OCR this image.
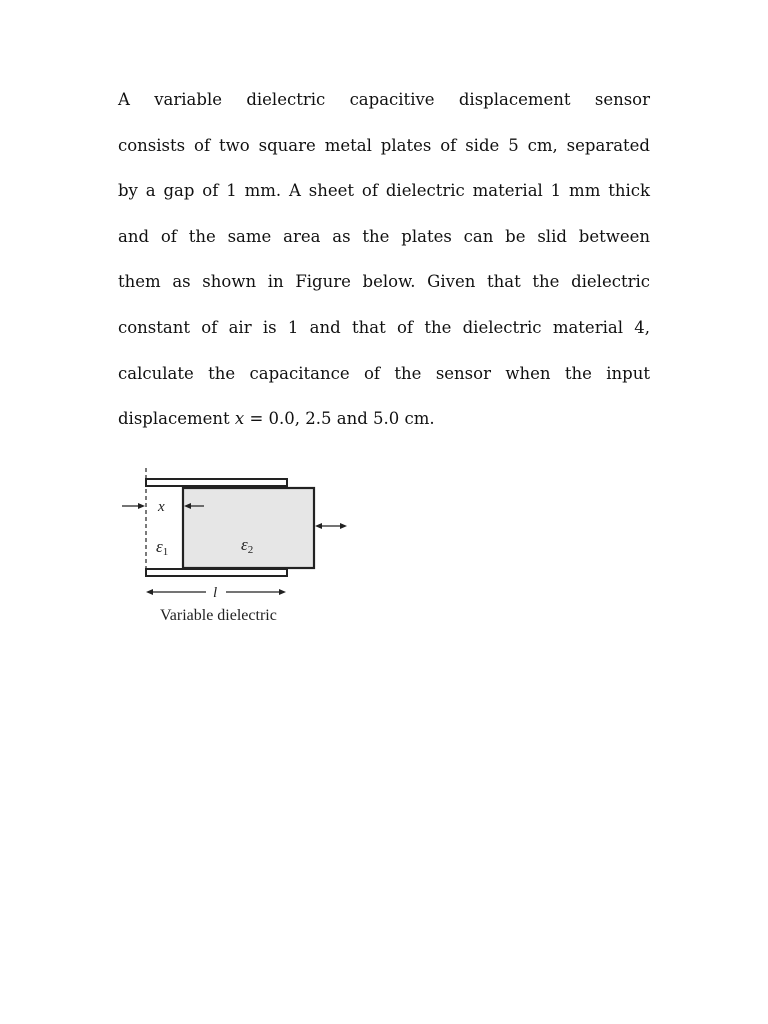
A variable dielectric capacitive displacement sensor
consists of two square metal plates of side 5 cm, separated
by a gap of 1 mm. A sheet of dielectric material 1 mm thick
and of the same area as the plates can be slid between
them as shown in Figure below. Given that the dielectric
constant of air is 1 and that of the dielectric material 4,
calculate the capacitance of the sensor when the input
displacement x = 0.0, 2.5 and 5.0 cm.
x
ε1	ε2
l
Variable dielectric
